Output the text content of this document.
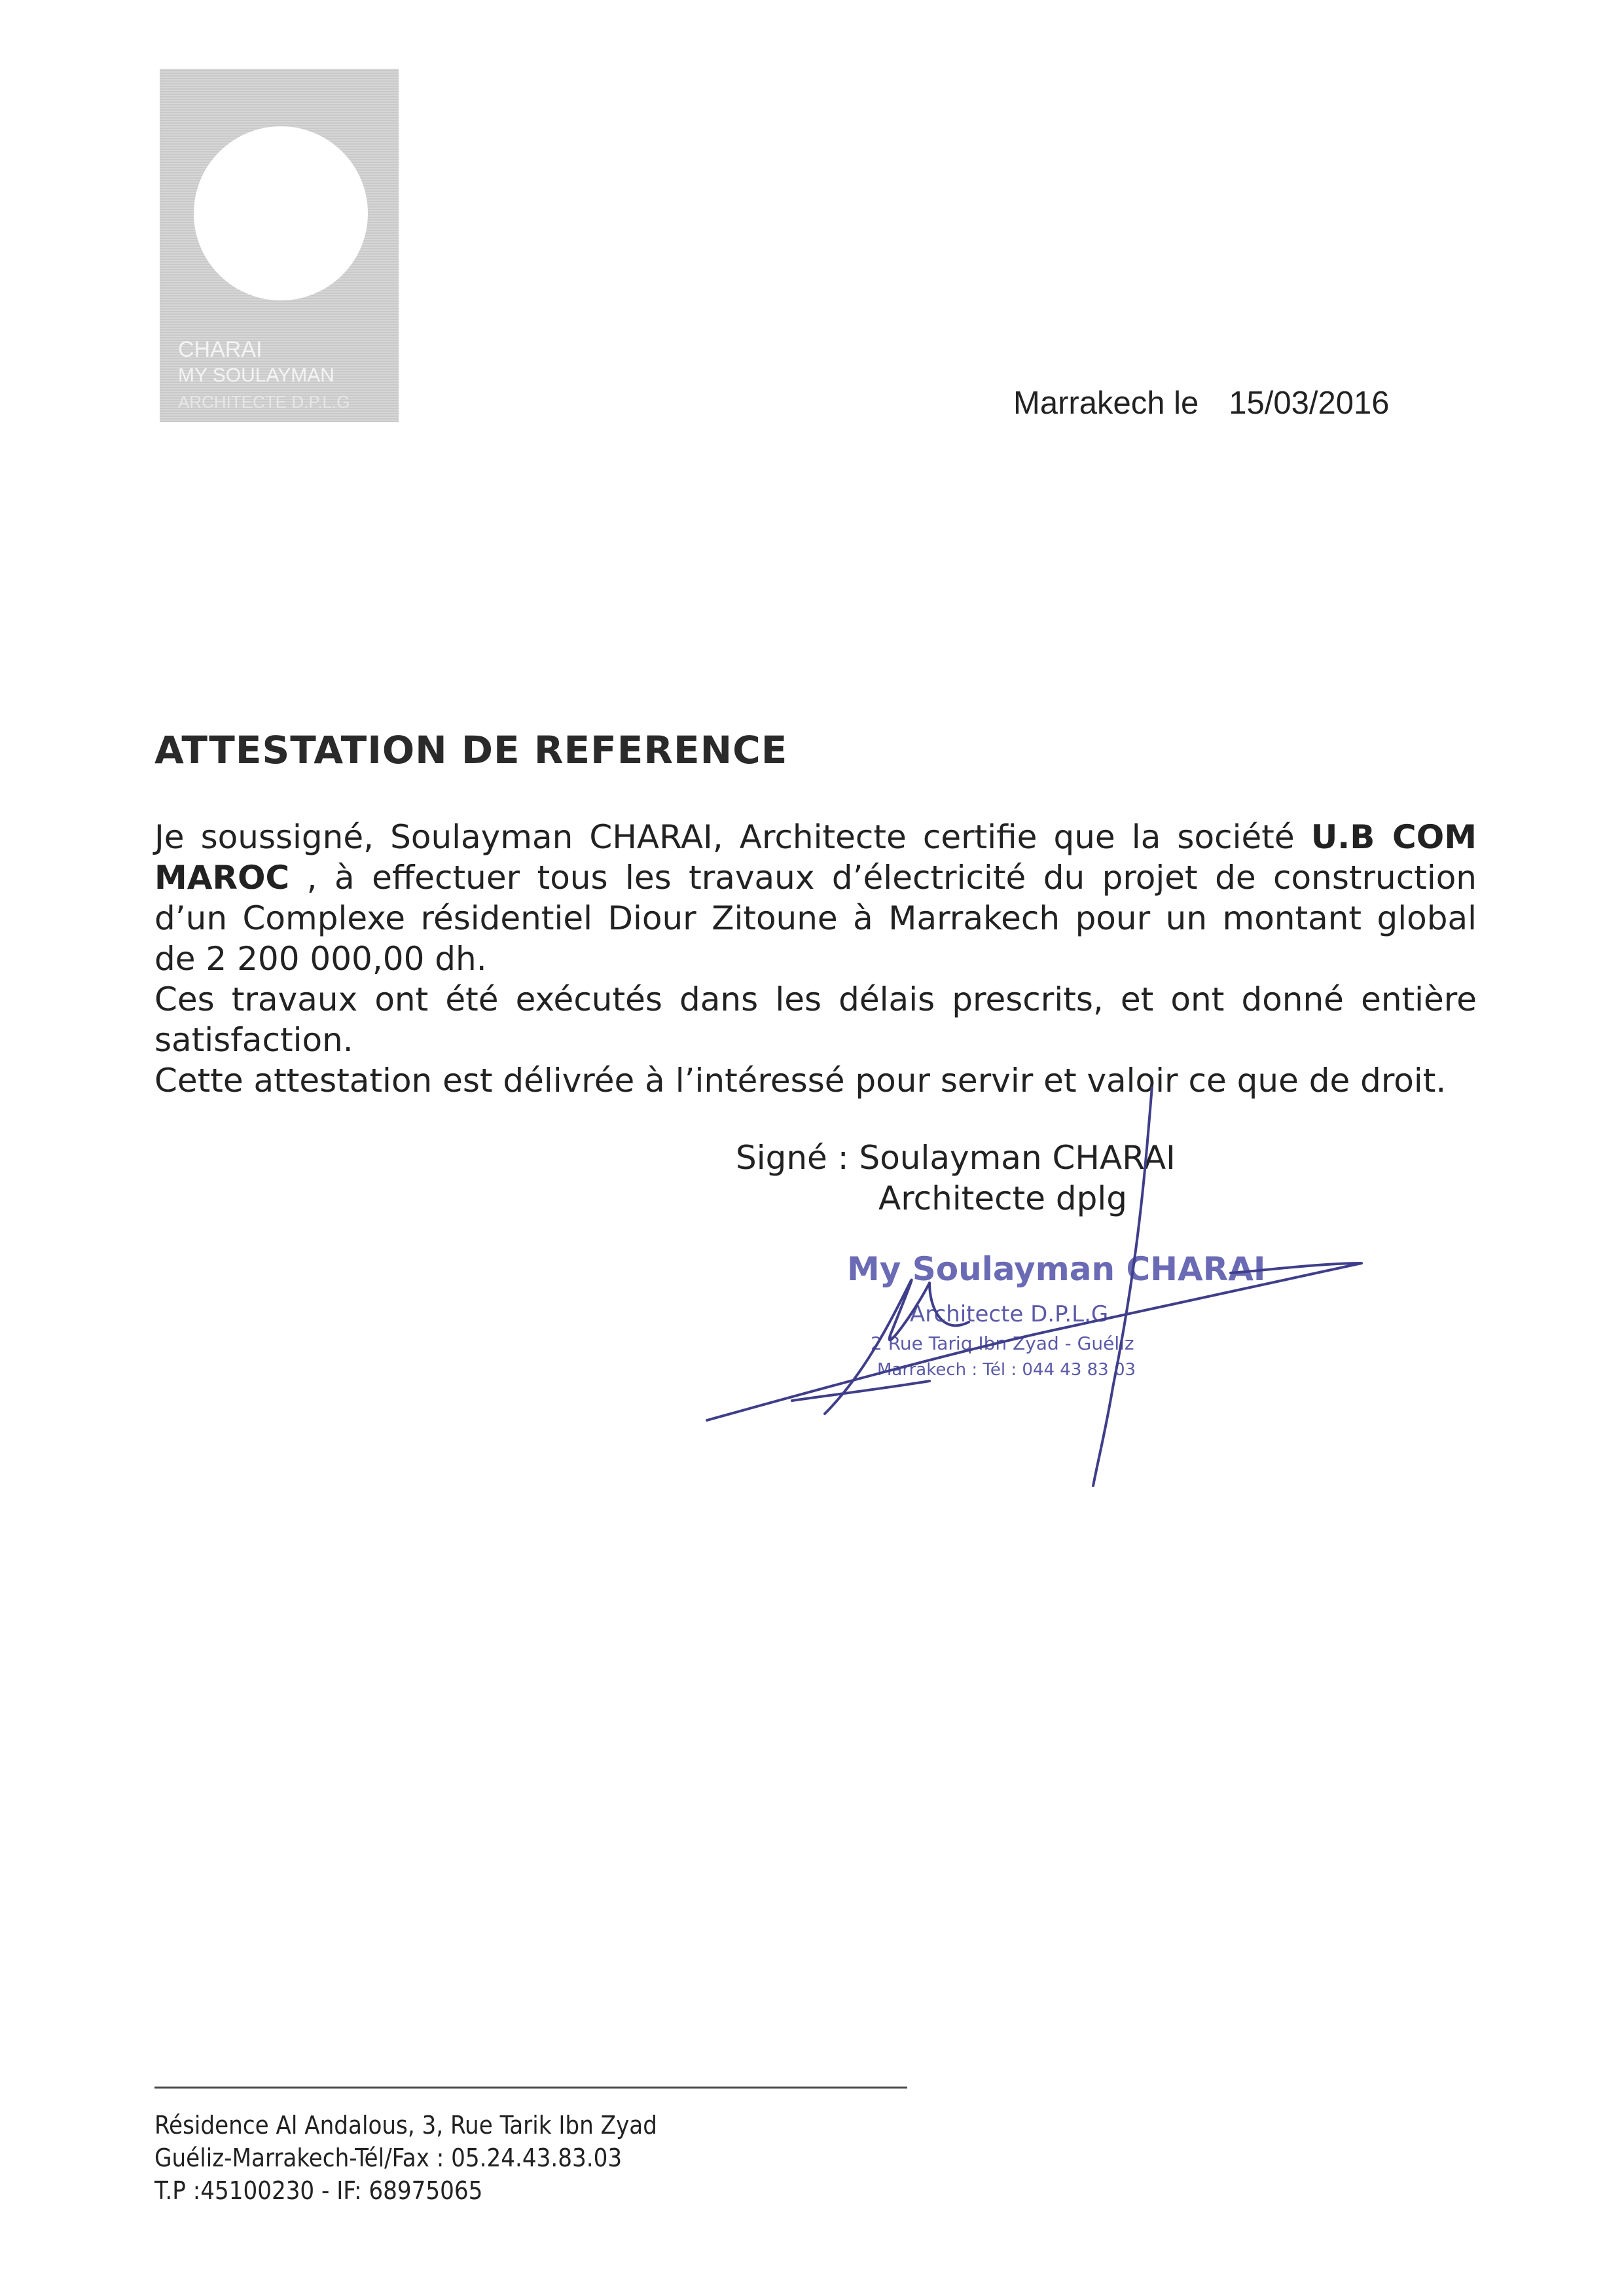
CHARAI
MY SOULAYMAN
ARCHITECTE D.P.L.G	Marrakech le 15/03/2016
ATTESTATION DE REFERENCE

Je soussigné, Soulayman CHARAI, Architecte certifie que la société U.B COM

MAROC , à effectuer tous les travaux d’électricité du projet de construction

d’un Complexe résidentiel Diour Zitoune à Marrakech pour un montant global

de 2 200 000,00 dh.

Ces travaux ont été exécutés dans les délais prescrits, et ont donné entière

satisfaction.

Cette attestation est délivrée à l’intéressé pour servir et valoir ce que de droit.

Signé : Soulayman CHARAI
Architecte dplg
My Soulayman CHARAI
Architecte D.P.L.G
2 Rue Tariq Ibn Zyad - Guéliz
Marrakech : Tél : 044 43 83 03
Résidence Al Andalous, 3, Rue Tarik Ibn Zyad
Guéliz-Marrakech-Tél/Fax : 05.24.43.83.03
T.P :45100230 - IF: 68975065
